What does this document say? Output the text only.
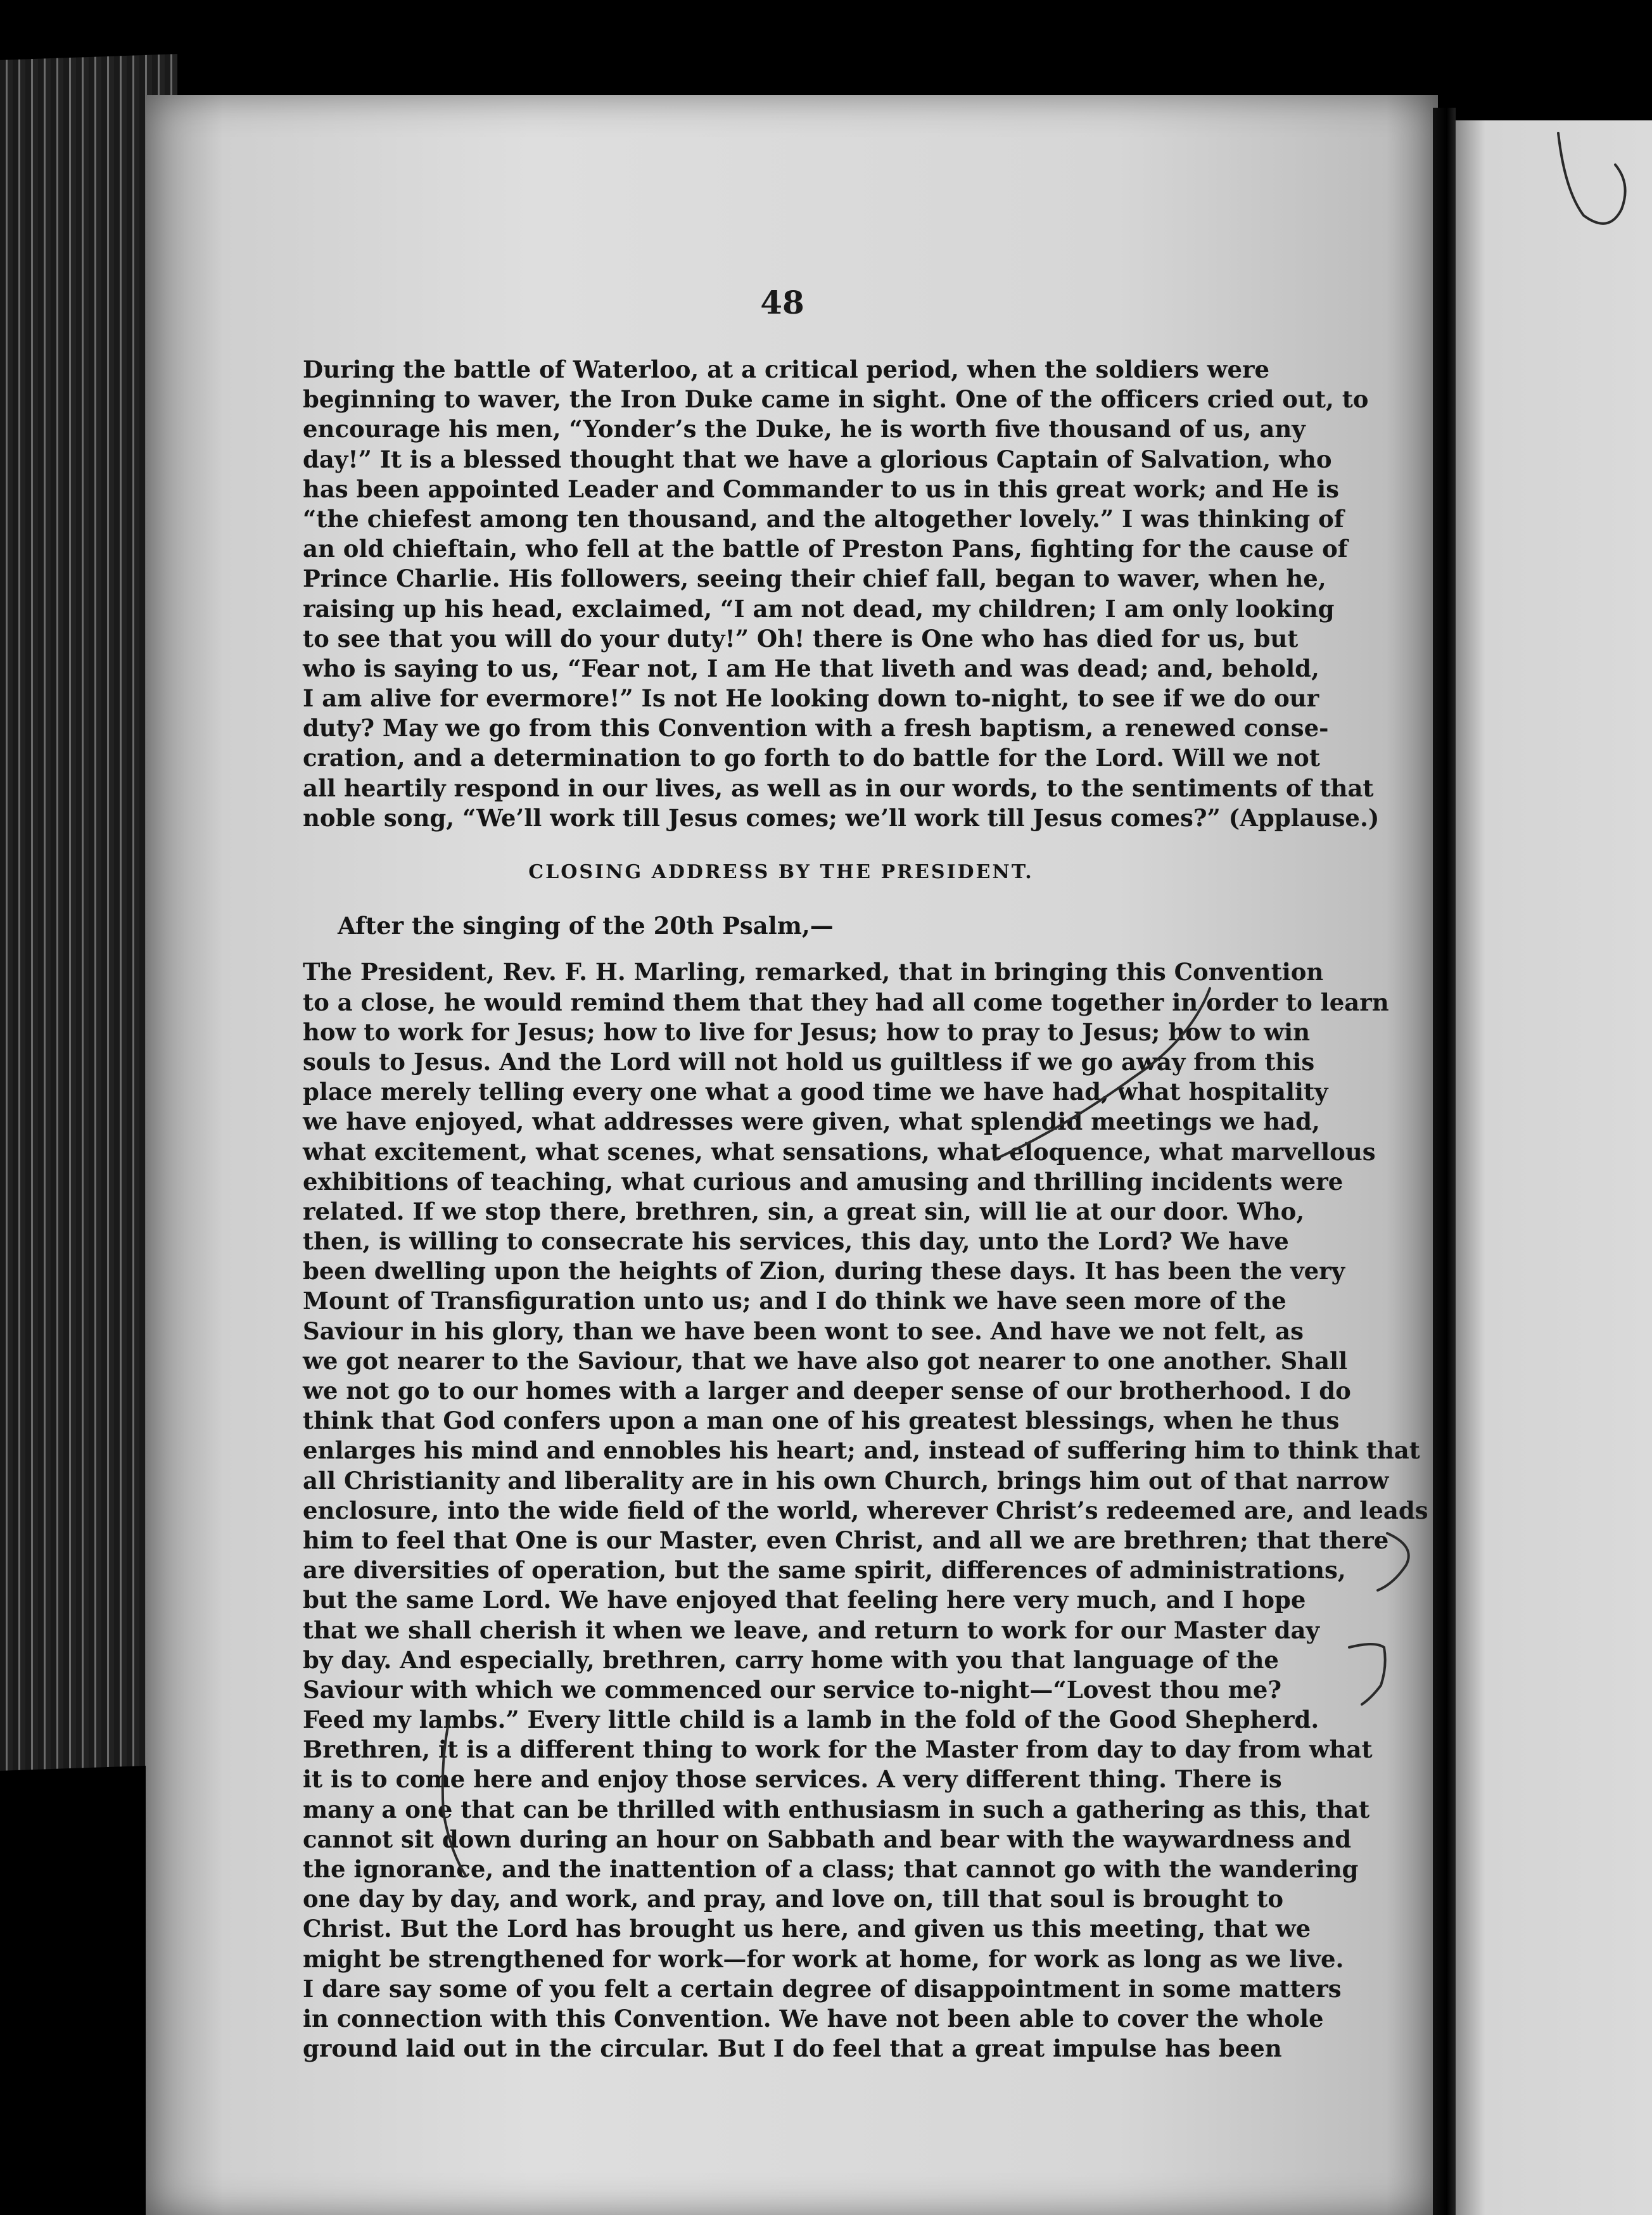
48
During the battle of Waterloo, at a critical period, when the soldiers were
beginning to waver, the Iron Duke came in sight. One of the officers cried out, to
encourage his men, “Yonder’s the Duke, he is worth five thousand of us, any
day!” It is a blessed thought that we have a glorious Captain of Salvation, who
has been appointed Leader and Commander to us in this great work; and He is
“the chiefest among ten thousand, and the altogether lovely.” I was thinking of
an old chieftain, who fell at the battle of Preston Pans, fighting for the cause of
Prince Charlie. His followers, seeing their chief fall, began to waver, when he,
raising up his head, exclaimed, “I am not dead, my children; I am only looking
to see that you will do your duty!” Oh! there is One who has died for us, but
who is saying to us, “Fear not, I am He that liveth and was dead; and, behold,
I am alive for evermore!” Is not He looking down to-night, to see if we do our
duty? May we go from this Convention with a fresh baptism, a renewed conse-
cration, and a determination to go forth to do battle for the Lord. Will we not
all heartily respond in our lives, as well as in our words, to the sentiments of that
noble song, “We’ll work till Jesus comes; we’ll work till Jesus comes?” (Applause.)
CLOSING ADDRESS BY THE PRESIDENT.
After the singing of the 20th Psalm,—
The President, Rev. F. H. Marling, remarked, that in bringing this Convention
to a close, he would remind them that they had all come together in order to learn
how to work for Jesus; how to live for Jesus; how to pray to Jesus; how to win
souls to Jesus. And the Lord will not hold us guiltless if we go away from this
place merely telling every one what a good time we have had, what hospitality
we have enjoyed, what addresses were given, what splendid meetings we had,
what excitement, what scenes, what sensations, what eloquence, what marvellous
exhibitions of teaching, what curious and amusing and thrilling incidents were
related. If we stop there, brethren, sin, a great sin, will lie at our door. Who,
then, is willing to consecrate his services, this day, unto the Lord? We have
been dwelling upon the heights of Zion, during these days. It has been the very
Mount of Transfiguration unto us; and I do think we have seen more of the
Saviour in his glory, than we have been wont to see. And have we not felt, as
we got nearer to the Saviour, that we have also got nearer to one another. Shall
we not go to our homes with a larger and deeper sense of our brotherhood. I do
think that God confers upon a man one of his greatest blessings, when he thus
enlarges his mind and ennobles his heart; and, instead of suffering him to think that
all Christianity and liberality are in his own Church, brings him out of that narrow
enclosure, into the wide field of the world, wherever Christ’s redeemed are, and leads
him to feel that One is our Master, even Christ, and all we are brethren; that there
are diversities of operation, but the same spirit, differences of administrations,
but the same Lord. We have enjoyed that feeling here very much, and I hope
that we shall cherish it when we leave, and return to work for our Master day
by day. And especially, brethren, carry home with you that language of the
Saviour with which we commenced our service to-night—“Lovest thou me?
Feed my lambs.” Every little child is a lamb in the fold of the Good Shepherd.
Brethren, it is a different thing to work for the Master from day to day from what
it is to come here and enjoy those services. A very different thing. There is
many a one that can be thrilled with enthusiasm in such a gathering as this, that
cannot sit down during an hour on Sabbath and bear with the waywardness and
the ignorance, and the inattention of a class; that cannot go with the wandering
one day by day, and work, and pray, and love on, till that soul is brought to
Christ. But the Lord has brought us here, and given us this meeting, that we
might be strengthened for work—for work at home, for work as long as we live.
I dare say some of you felt a certain degree of disappointment in some matters
in connection with this Convention. We have not been able to cover the whole
ground laid out in the circular. But I do feel that a great impulse has been
